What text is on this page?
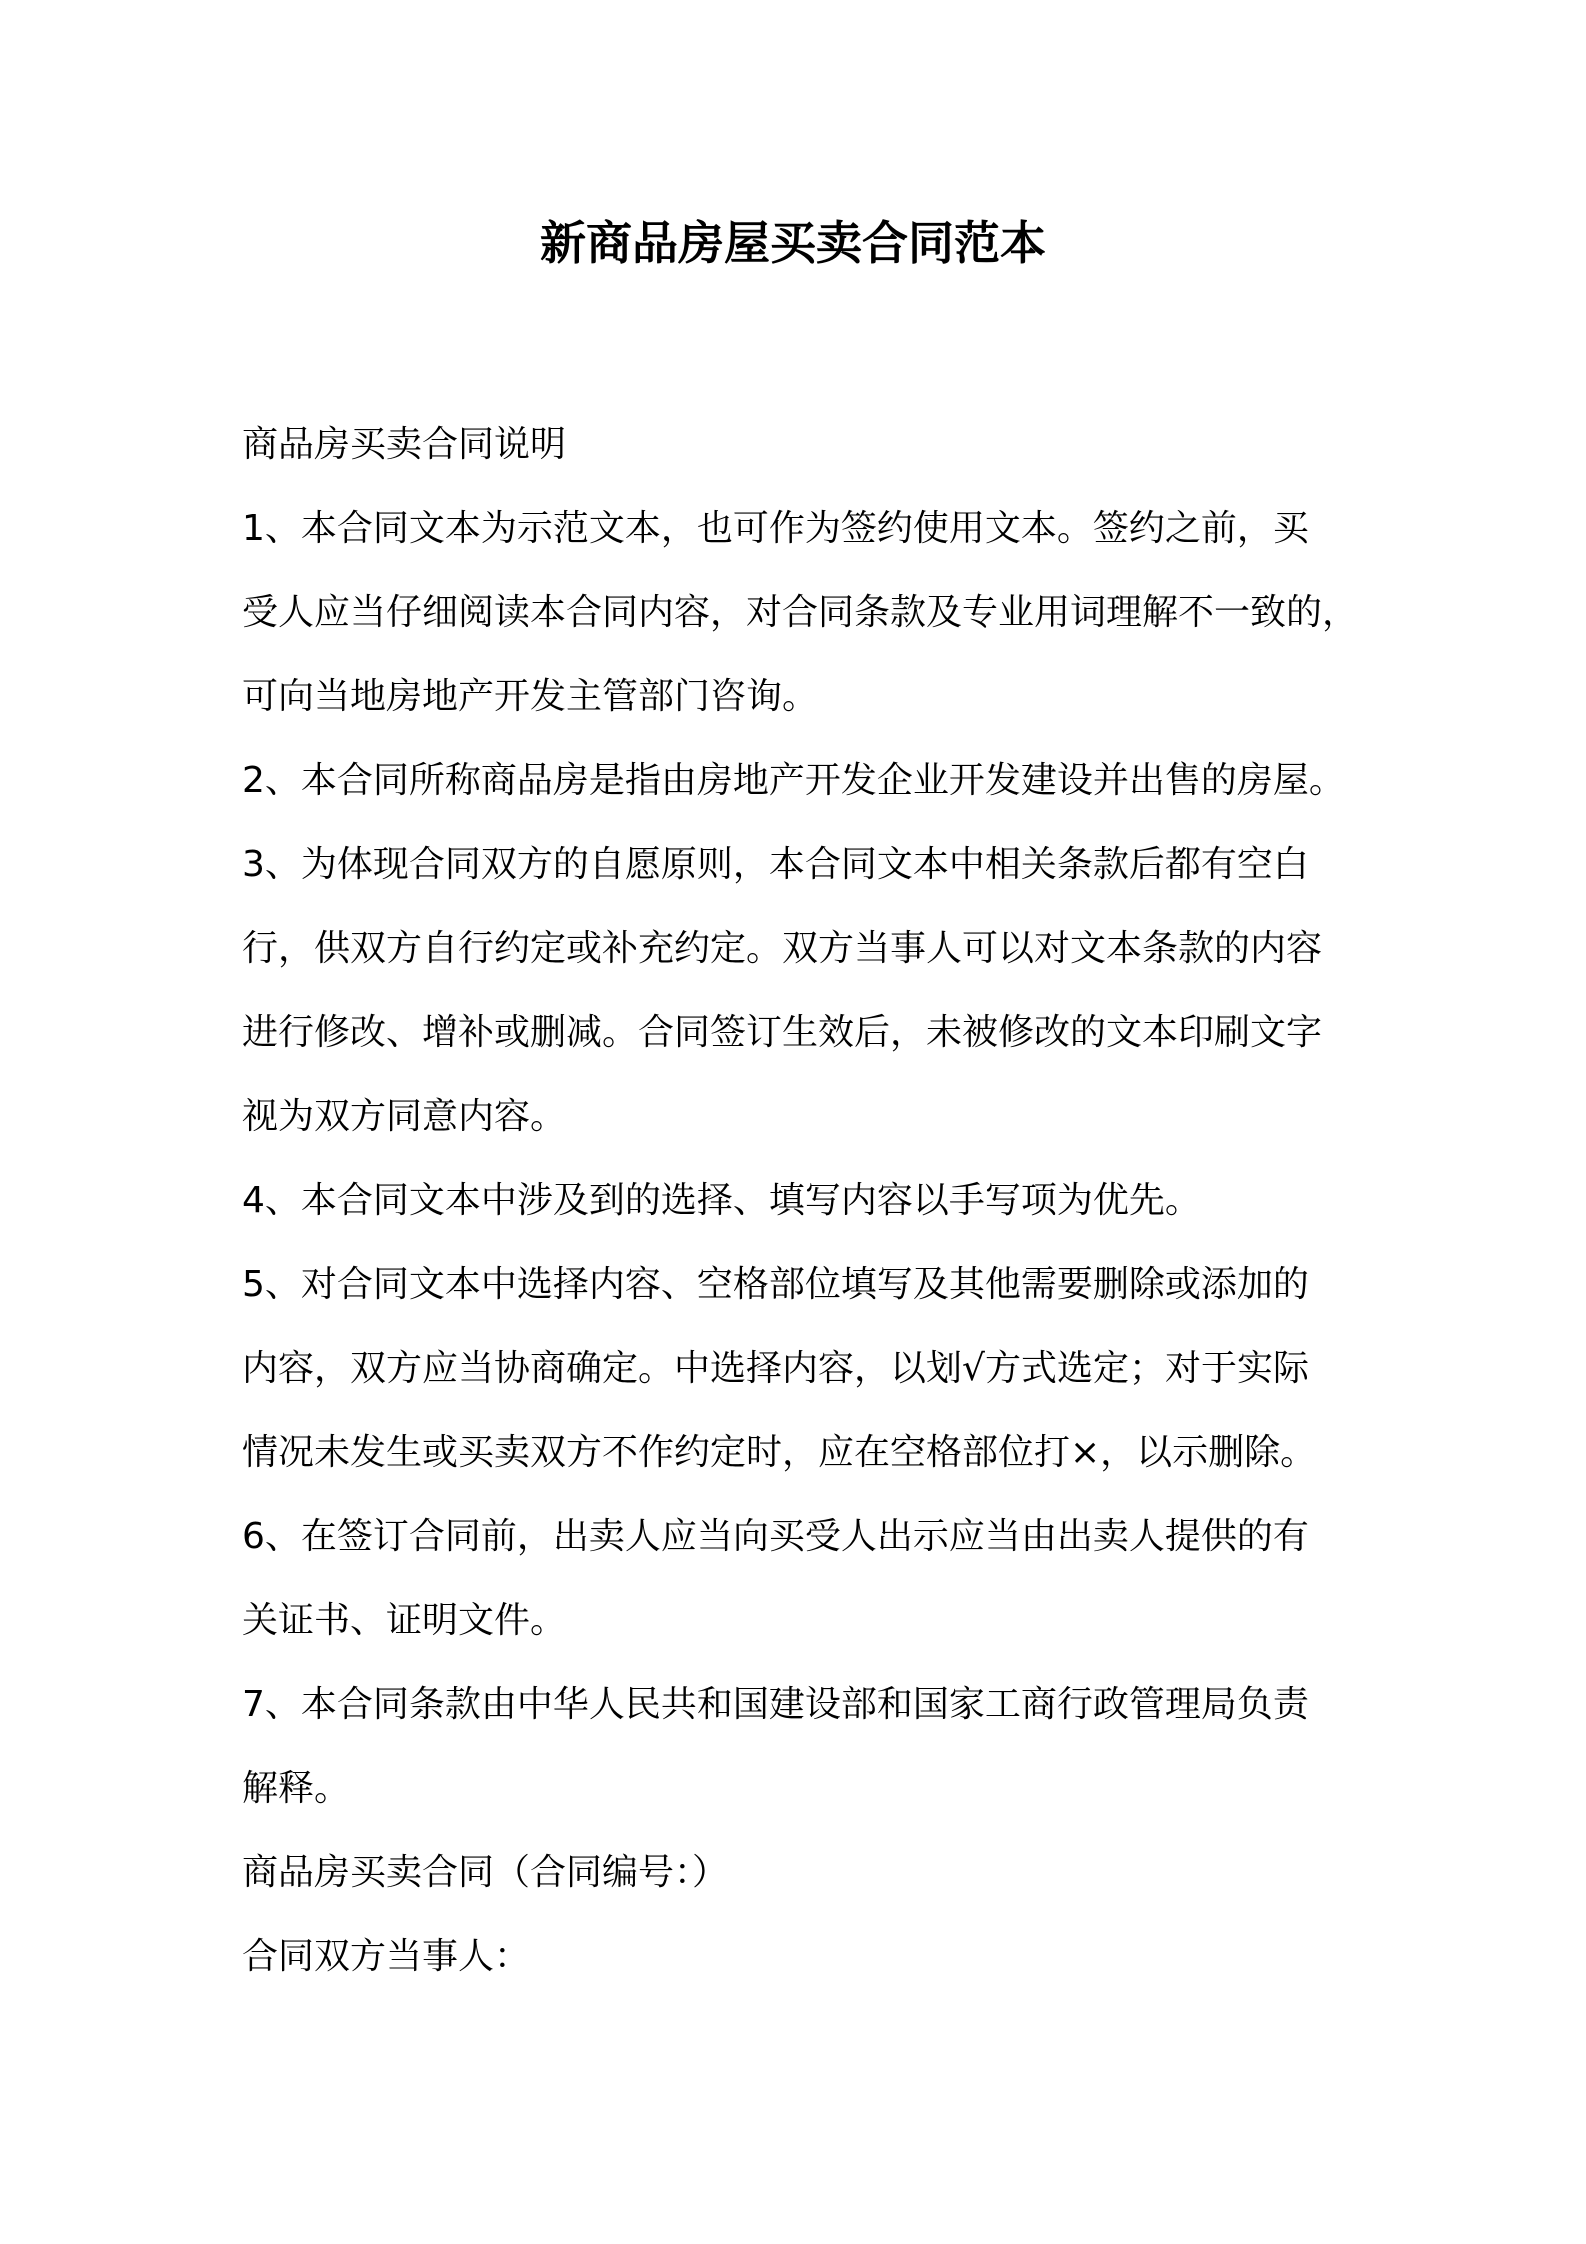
新商品房屋买卖合同范本
商品房买卖合同说明
1、本合同文本为示范文本，也可作为签约使用文本。签约之前，买
受人应当仔细阅读本合同内容，对合同条款及专业用词理解不一致的，
可向当地房地产开发主管部门咨询。
2、本合同所称商品房是指由房地产开发企业开发建设并出售的房屋。
3、为体现合同双方的自愿原则，本合同文本中相关条款后都有空白
行，供双方自行约定或补充约定。双方当事人可以对文本条款的内容
进行修改、增补或删减。合同签订生效后，未被修改的文本印刷文字
视为双方同意内容。
4、本合同文本中涉及到的选择、填写内容以手写项为优先。
5、对合同文本中选择内容、空格部位填写及其他需要删除或添加的
内容，双方应当协商确定。中选择内容，以划√方式选定；对于实际
情况未发生或买卖双方不作约定时，应在空格部位打×，以示删除。
6、在签订合同前，出卖人应当向买受人出示应当由出卖人提供的有
关证书、证明文件。
7、本合同条款由中华人民共和国建设部和国家工商行政管理局负责
解释。
商品房买卖合同（合同编号：）
合同双方当事人：
